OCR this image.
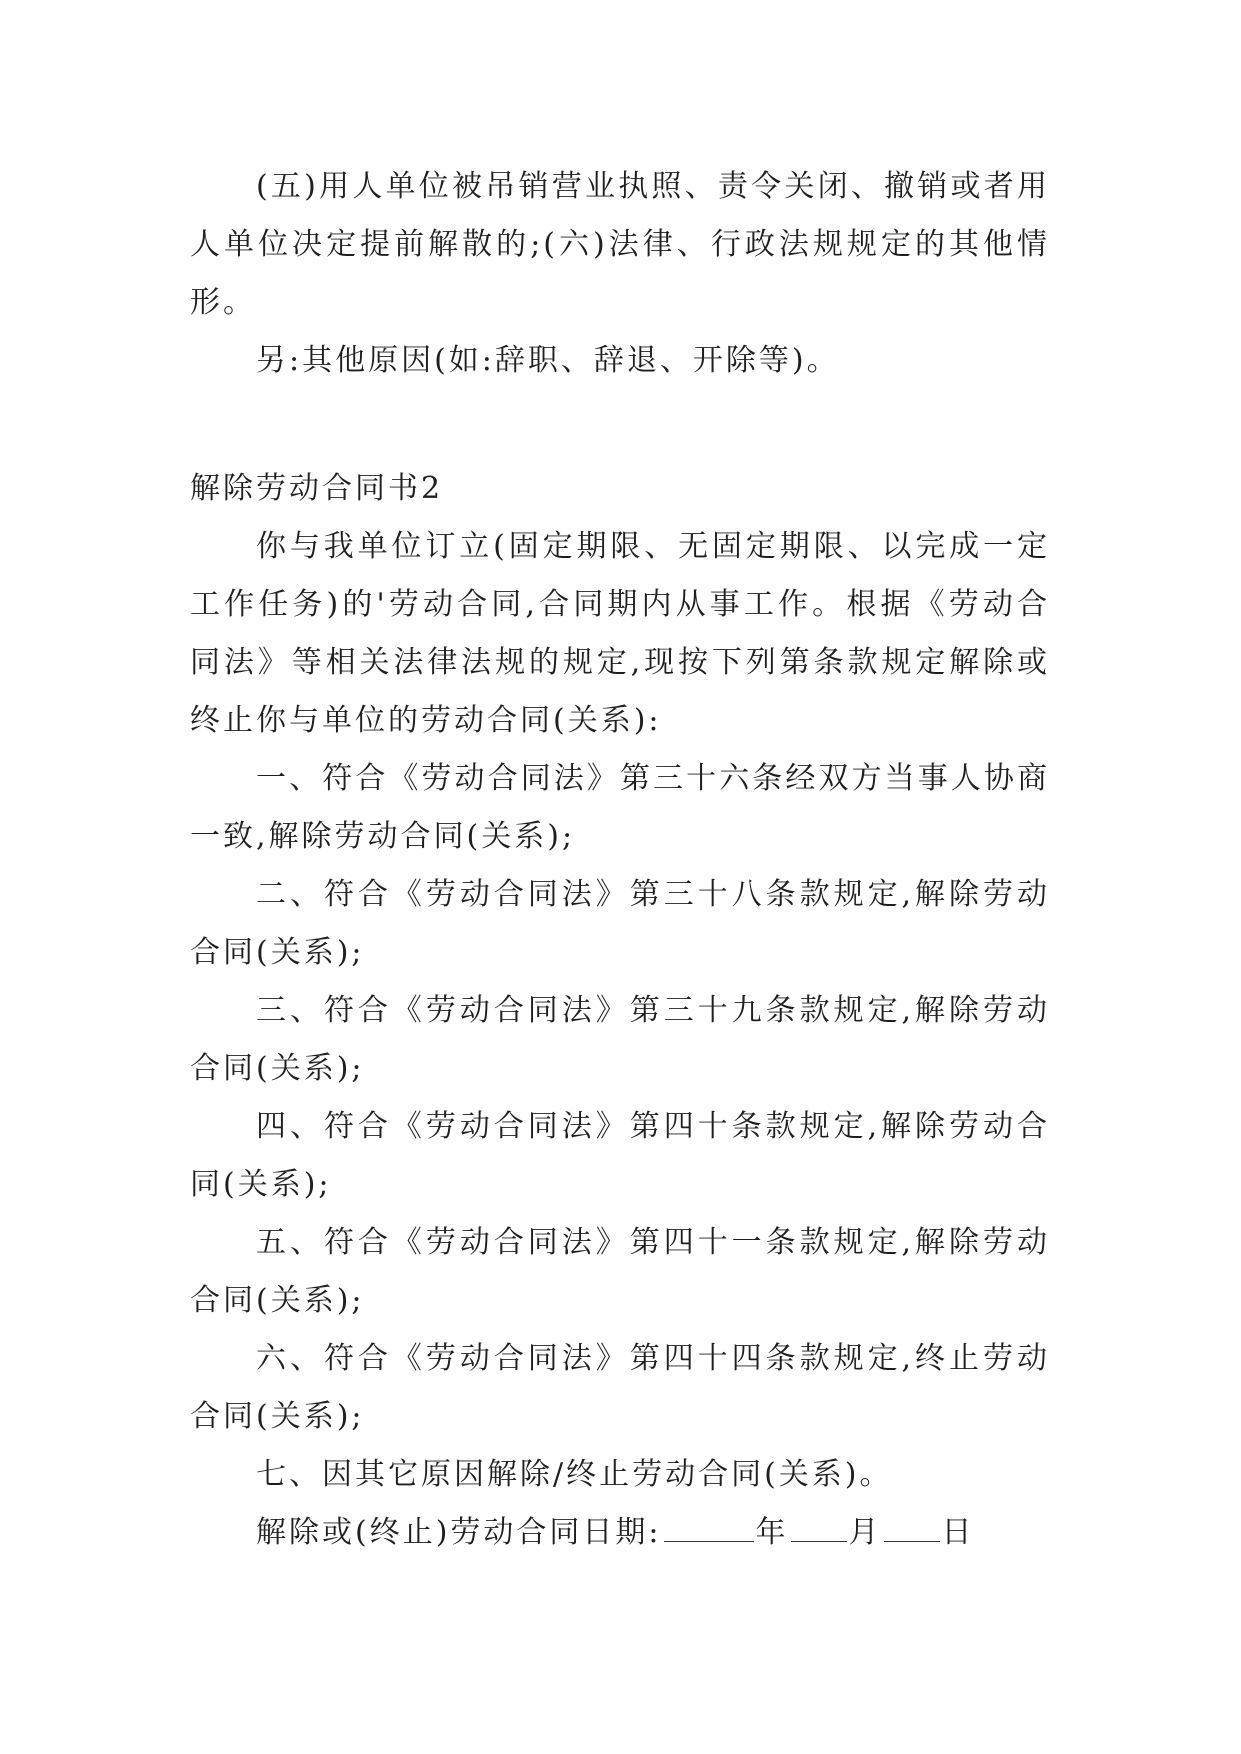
(五)用人单位被吊销营业执照、责令关闭、撤销或者用人单位决定提前解散的;(六)法律、行政法规规定的其他情形。

另:其他原因(如:辞职、辞退、开除等)。

解除劳动合同书2

你与我单位订立(固定期限、无固定期限、以完成一定工作任务)的'劳动合同,合同期内从事工作。根据《劳动合同法》等相关法律法规的规定,现按下列第条款规定解除或终止你与单位的劳动合同(关系):

一、符合《劳动合同法》第三十六条经双方当事人协商一致,解除劳动合同(关系);

二、符合《劳动合同法》第三十八条款规定,解除劳动合同(关系);

三、符合《劳动合同法》第三十九条款规定,解除劳动合同(关系);

四、符合《劳动合同法》第四十条款规定,解除劳动合同(关系);

五、符合《劳动合同法》第四十一条款规定,解除劳动合同(关系);

六、符合《劳动合同法》第四十四条款规定,终止劳动合同(关系);

七、因其它原因解除/终止劳动合同(关系)。

解除或(终止)劳动合同日期:	年 月 日
